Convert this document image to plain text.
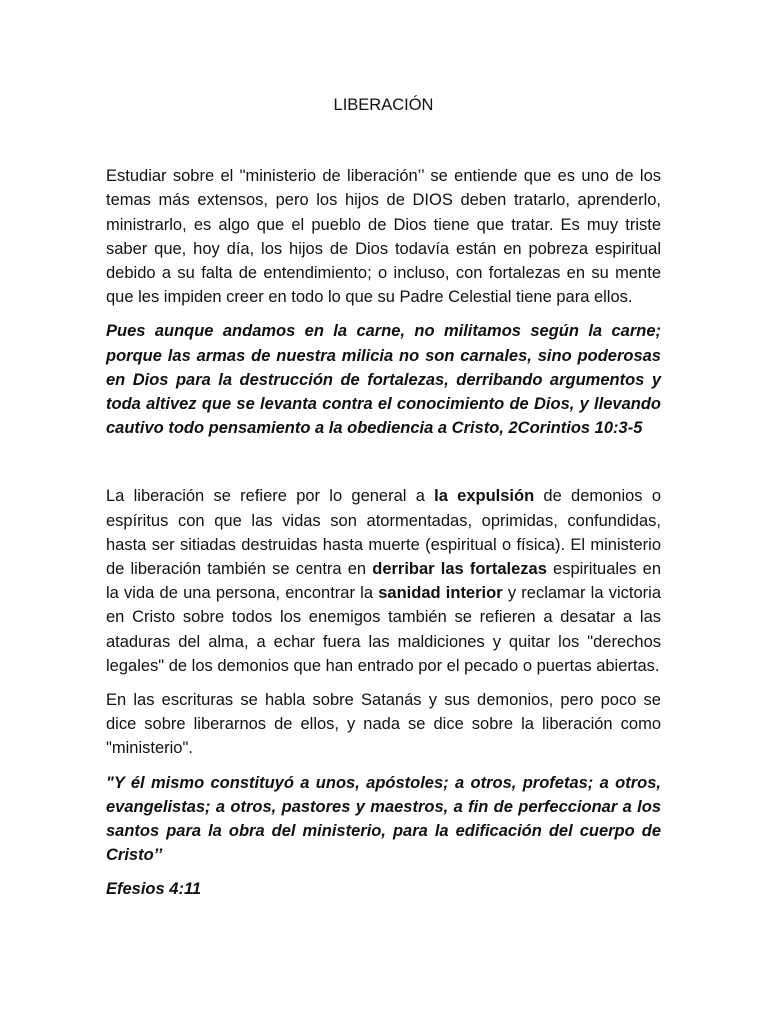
LIBERACIÓN

Estudiar sobre el "ministerio de liberación’’ se entiende que es uno de los temas más extensos, pero los hijos de DIOS deben tratarlo, aprenderlo, ministrarlo, es algo que el pueblo de Dios tiene que tratar. Es muy triste saber que, hoy día, los hijos de Dios todavía están en pobreza espiritual debido a su falta de entendimiento; o incluso, con fortalezas en su mente que les impiden creer en todo lo que su Padre Celestial tiene para ellos.

Pues aunque andamos en la carne, no militamos según la carne; porque las armas de nuestra milicia no son carnales, sino poderosas en Dios para la destrucción de fortalezas, derribando argumentos y toda altivez que se levanta contra el conocimiento de Dios, y llevando cautivo todo pensamiento a la obediencia a Cristo, 2Corintios 10:3-5

La liberación se refiere por lo general a la expulsión de demonios o espíritus con que las vidas son atormentadas, oprimidas, confundidas, hasta ser sitiadas destruidas hasta muerte (espiritual o física). El ministerio de liberación también se centra en derribar las fortalezas espirituales en la vida de una persona, encontrar la sanidad interior y reclamar la victoria en Cristo sobre todos los enemigos también se refieren a desatar a las ataduras del alma, a echar fuera las maldiciones y quitar los "derechos legales" de los demonios que han entrado por el pecado o puertas abiertas.

En las escrituras se habla sobre Satanás y sus demonios, pero poco se dice sobre liberarnos de ellos, y nada se dice sobre la liberación como "ministerio".

"Y él mismo constituyó a unos, apóstoles; a otros, profetas; a otros, evangelistas; a otros, pastores y maestros, a fin de perfeccionar a los santos para la obra del ministerio, para la edificación del cuerpo de Cristo’’

Efesios 4:11
